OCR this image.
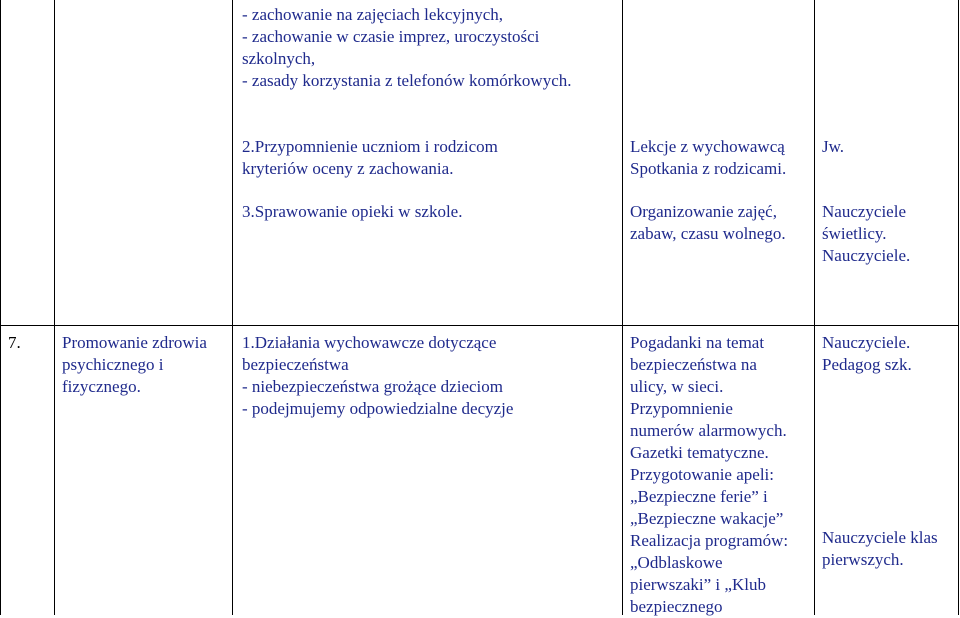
- zachowanie na zajęciach lekcyjnych,
- zachowanie w czasie imprez, uroczystości
szkolnych,
- zasady korzystania z telefonów komórkowych.
2.Przypomnienie uczniom i rodzicom
kryteriów oceny z zachowania.
Lekcje z wychowawcą
Spotkania z rodzicami.
Jw.
3.Sprawowanie opieki w szkole.	Organizowanie zajęć,
zabaw, czasu wolnego.
Nauczyciele
świetlicy.
Nauczyciele.
7.	Promowanie zdrowia
psychicznego i
fizycznego.
1.Działania wychowawcze dotyczące
bezpieczeństwa
- niebezpieczeństwa grożące dzieciom
- podejmujemy odpowiedzialne decyzje
Pogadanki na temat
bezpieczeństwa na
ulicy, w sieci.
Przypomnienie
numerów alarmowych.
Gazetki tematyczne.
Przygotowanie apeli:
„Bezpieczne ferie” i
„Bezpieczne wakacje”
Realizacja programów:
„Odblaskowe
pierwszaki” i „Klub
bezpiecznego
Nauczyciele.
Pedagog szk.
Nauczyciele klas
pierwszych.
